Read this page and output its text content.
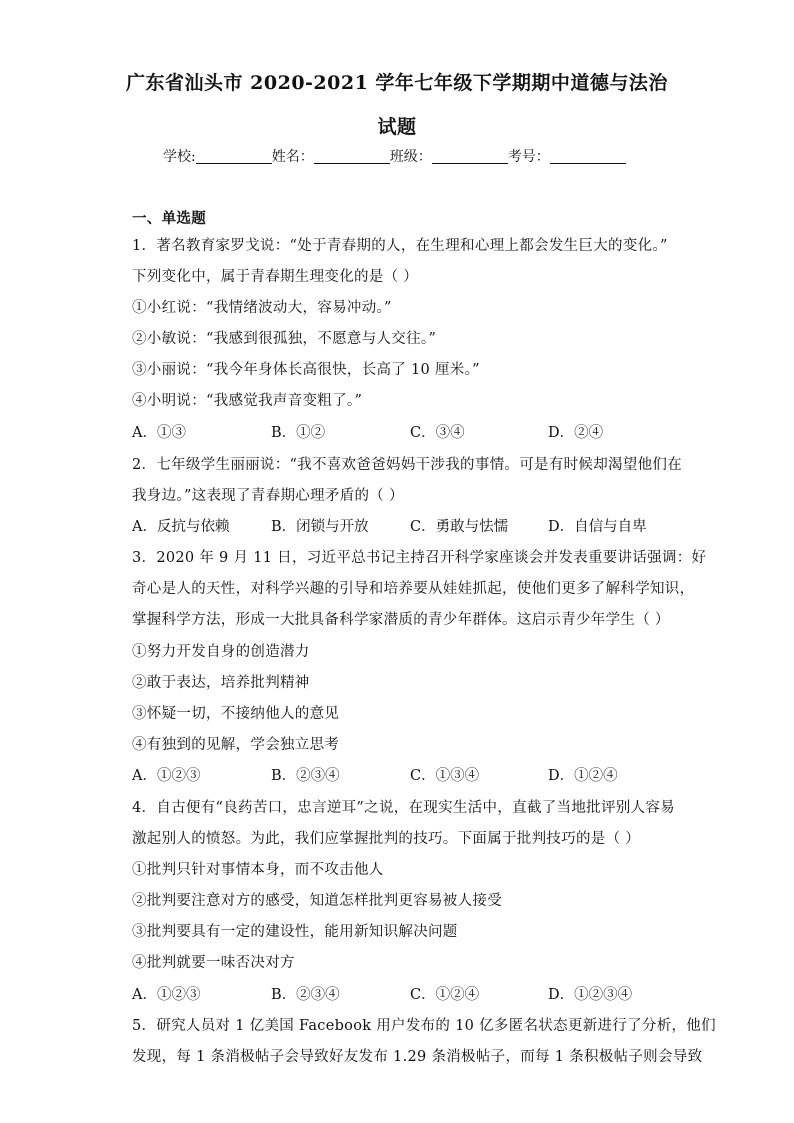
广东省汕头市 2020-2021 学年七年级下学期期中道德与法治
试题
学校:	姓名：	班级：	考号：
一、单选题
1．著名教育家罗戈说：“处于青春期的人，在生理和心理上都会发生巨大的变化。”
下列变化中，属于青春期生理变化的是（ ）
①小红说：“我情绪波动大，容易冲动。”
②小敏说：“我感到很孤独，不愿意与人交往。”
③小丽说：“我今年身体长高很快，长高了 10 厘米。”
④小明说：“我感觉我声音变粗了。”
A．①③	B．①②	C．③④	D．②④
2．七年级学生丽丽说：“我不喜欢爸爸妈妈干涉我的事情。可是有时候却渴望他们在
我身边。”这表现了青春期心理矛盾的（ ）
A．反抗与依赖	B．闭锁与开放	C．勇敢与怯懦	D．自信与自卑
3．2020 年 9 月 11 日，习近平总书记主持召开科学家座谈会并发表重要讲话强调：好
奇心是人的天性，对科学兴趣的引导和培养要从娃娃抓起，使他们更多了解科学知识，
掌握科学方法，形成一大批具备科学家潜质的青少年群体。这启示青少年学生（ ）
①努力开发自身的创造潜力
②敢于表达，培养批判精神
③怀疑一切，不接纳他人的意见
④有独到的见解，学会独立思考
A．①②③	B．②③④	C．①③④	D．①②④
4．自古便有“良药苦口，忠言逆耳”之说，在现实生活中，直截了当地批评别人容易
激起别人的愤怒。为此，我们应掌握批判的技巧。下面属于批判技巧的是（ ）
①批判只针对事情本身，而不攻击他人
②批判要注意对方的感受，知道怎样批判更容易被人接受
③批判要具有一定的建设性，能用新知识解决问题
④批判就要一味否决对方
A．①②③	B．②③④	C．①②④	D．①②③④
5．研究人员对 1 亿美国 Facebook 用户发布的 10 亿多匿名状态更新进行了分析，他们
发现，每 1 条消极帖子会导致好友发布 1.29 条消极帖子，而每 1 条积极帖子则会导致
